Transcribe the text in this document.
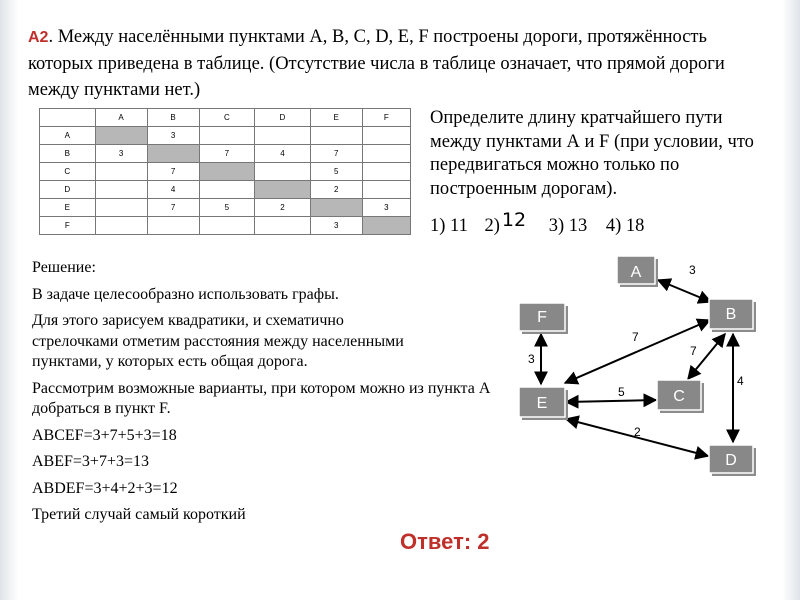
A2. Между населёнными пунктами A, B, C, D, E, F построены дороги, протяжённость которых приведена в таблице. (Отсутствие числа в таблице означает, что прямой дороги между пунктами нет.)
	A	B	C	D	E	F
A		3				
B	3		7	4	7	
C		7			5	
D		4			2	
E		7	5	2		3
F					3	
Определите длину кратчайшего пути между пунктами А и F (при условии, что передвигаться можно только по построенным дорогам).
1) 11 2) 12 3) 13 4) 18

Решение:

В задаче целесообразно использовать графы.

Для этого зарисуем квадратики, и схематично стрелочками отметим расстояния между населенными пунктами, у которых есть общая дорога.

Рассмотрим возможные варианты, при котором можно из пункта А добраться в пункт F.

ABCEF=3+7+5+3=18

ABEF=3+7+3=13

ABDEF=3+4+2+3=12

Третий случай самый короткий

Ответ: 2
A
B
F
E	C
D
3
7
7
3
5
4
2
